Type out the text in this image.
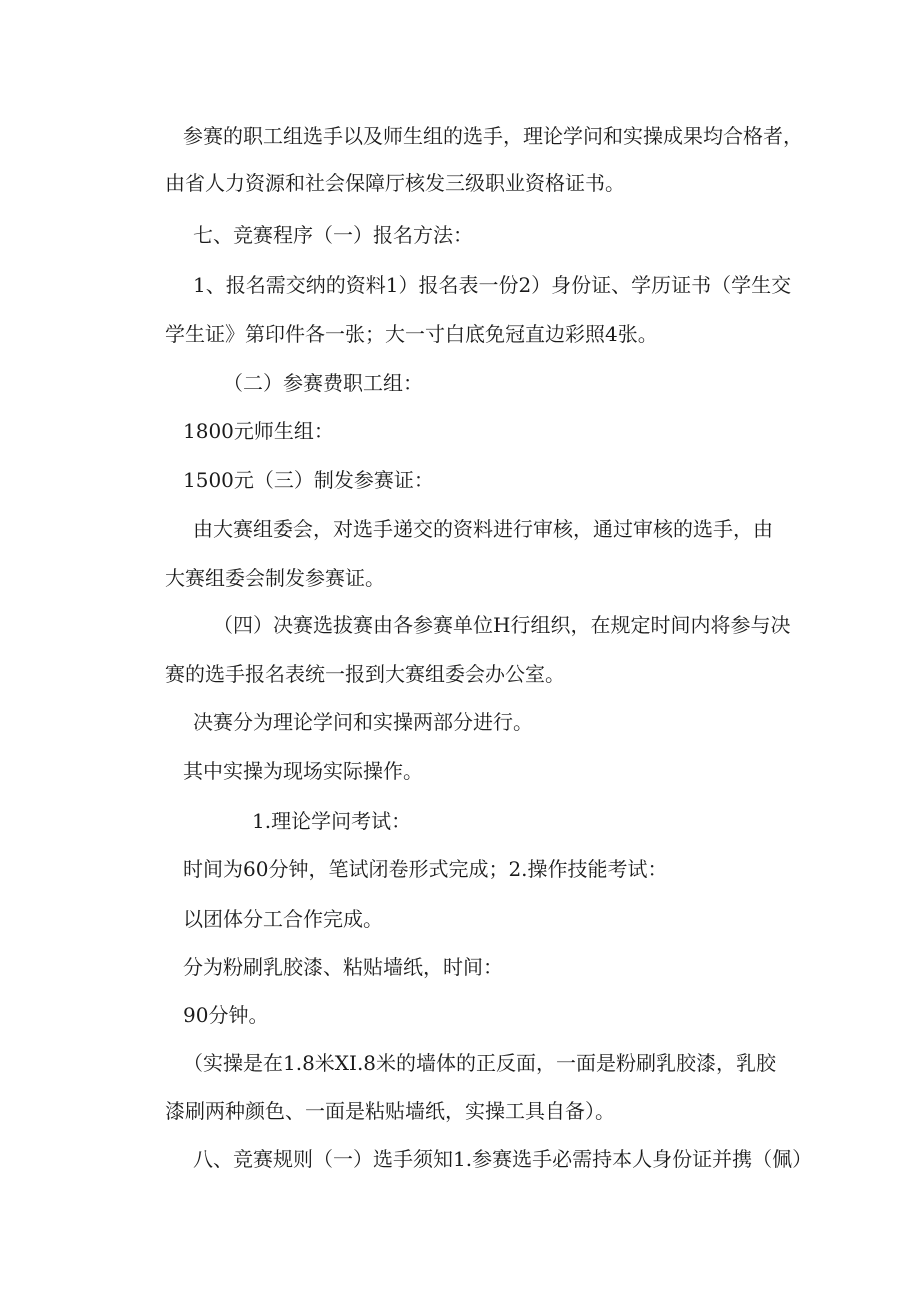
参赛的职工组选手以及师生组的选手，理论学问和实操成果均合格者，
由省人力资源和社会保障厅核发三级职业资格证书。
七、竞赛程序（一）报名方法：
1、报名需交纳的资料1）报名表一份2）身份证、学历证书（学生交
学生证》第印件各一张；大一寸白底免冠直边彩照4张。
（二）参赛费职工组：
1800元师生组：
1500元（三）制发参赛证：
由大赛组委会，对选手递交的资料进行审核，通过审核的选手，由
大赛组委会制发参赛证。
（四）决赛选拔赛由各参赛单位H行组织，在规定时间内将参与决
赛的选手报名表统一报到大赛组委会办公室。
决赛分为理论学问和实操两部分进行。
其中实操为现场实际操作。
1.理论学问考试：
时间为60分钟，笔试闭卷形式完成；2.操作技能考试：
以团体分工合作完成。
分为粉刷乳胶漆、粘贴墙纸，时间：
90分钟。
（实操是在1.8米XI.8米的墙体的正反面，一面是粉刷乳胶漆，乳胶
漆刷两种颜色、一面是粘贴墙纸，实操工具自备）。
八、竞赛规则（一）选手须知1.参赛选手必需持本人身份证并携（佩）
